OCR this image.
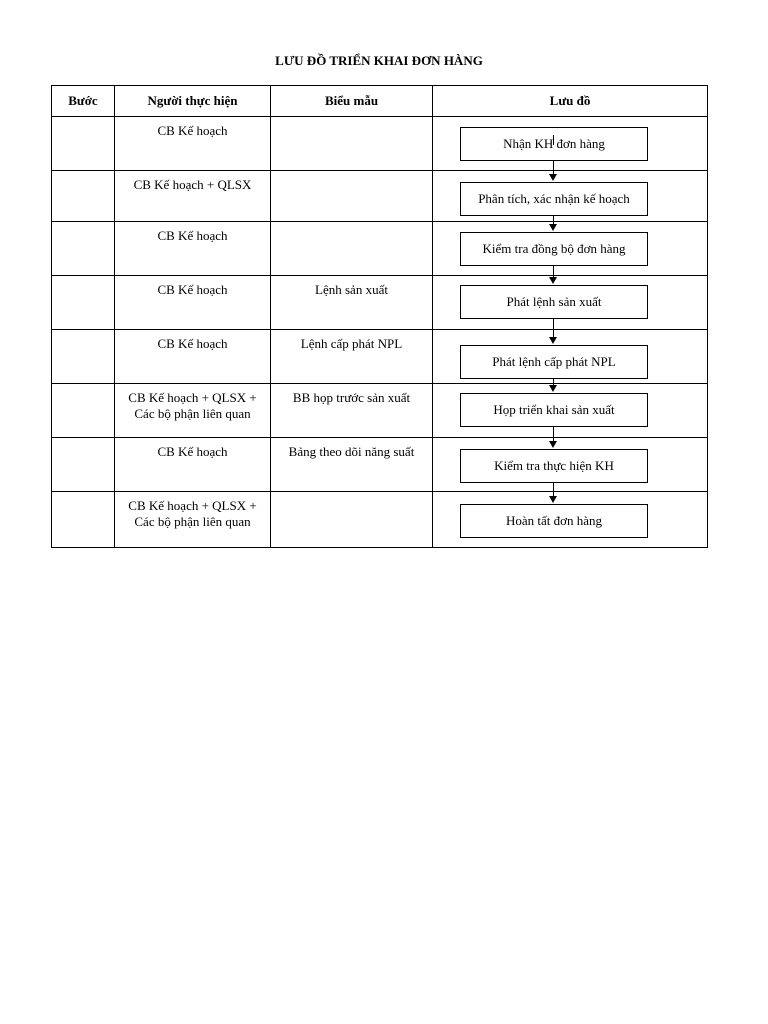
LƯU ĐỒ TRIỂN KHAI ĐƠN HÀNG
Bước	Người thực hiện	Biểu mẫu	Lưu đồ

	CB Kế hoạch		Nhận KH đơn hàng

	CB Kế hoạch + QLSX		Phân tích, xác nhận kế hoạch

	CB Kế hoạch		Kiểm tra đồng bộ đơn hàng

	CB Kế hoạch	Lệnh sản xuất	Phát lệnh sản xuất

	CB Kế hoạch	Lệnh cấp phát NPL	Phát lệnh cấp phát NPL

	CB Kế hoạch + QLSX + Các bộ phận liên quan	BB họp trước sản xuất	Họp triển khai sản xuất

	CB Kế hoạch	Bảng theo dõi năng suất	Kiểm tra thực hiện KH

	CB Kế hoạch + QLSX + Các bộ phận liên quan		Hoàn tất đơn hàng
